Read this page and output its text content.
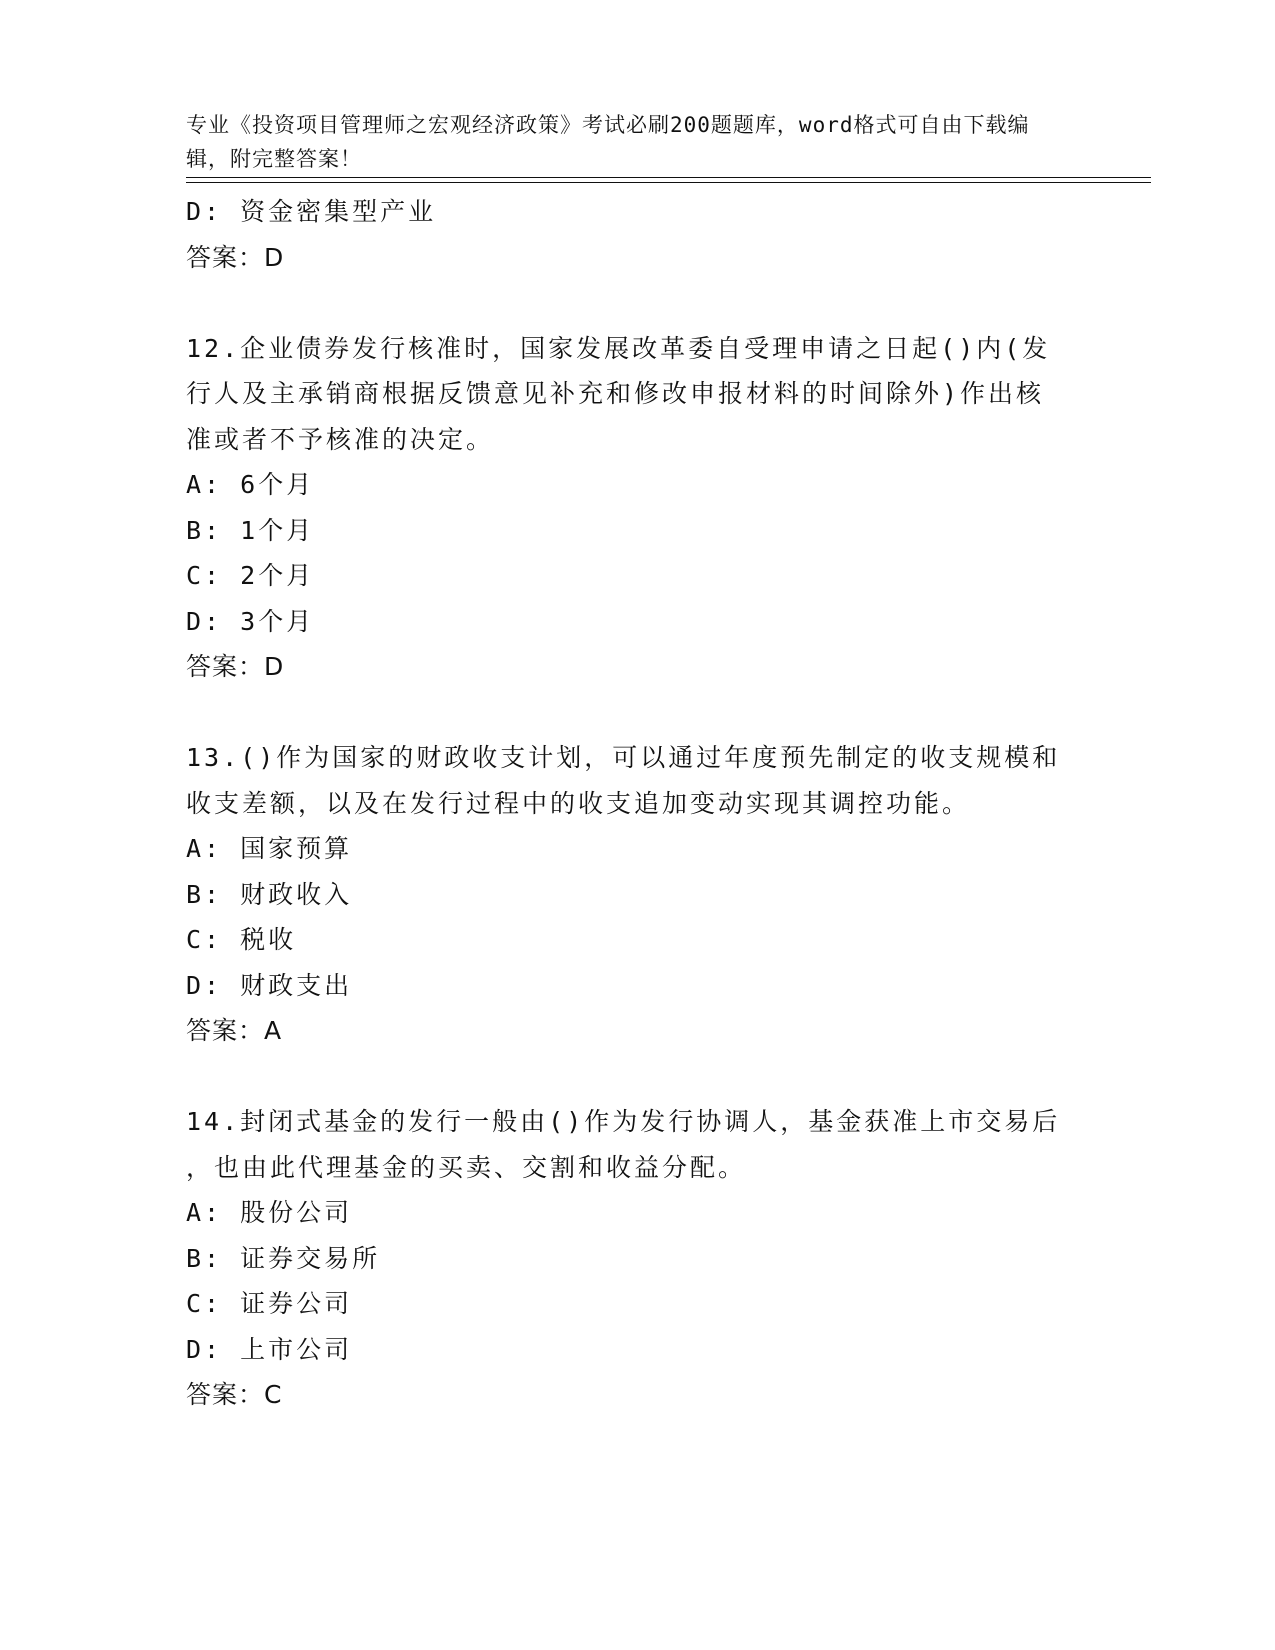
专业《投资项目管理师之宏观经济政策》考试必刷200题题库，word格式可自由下载编辑，附完整答案！

D: 资金密集型产业
答案：D
12.企业债券发行核准时，国家发展改革委自受理申请之日起()内(发
行人及主承销商根据反馈意见补充和修改申报材料的时间除外)作出核
准或者不予核准的决定。
A: 6个月
B: 1个月
C: 2个月
D: 3个月
答案：D
13.()作为国家的财政收支计划，可以通过年度预先制定的收支规模和
收支差额，以及在发行过程中的收支追加变动实现其调控功能。
A: 国家预算
B: 财政收入
C: 税收
D: 财政支出
答案：A
14.封闭式基金的发行一般由()作为发行协调人，基金获准上市交易后
，也由此代理基金的买卖、交割和收益分配。
A: 股份公司
B: 证券交易所
C: 证券公司
D: 上市公司
答案：C
